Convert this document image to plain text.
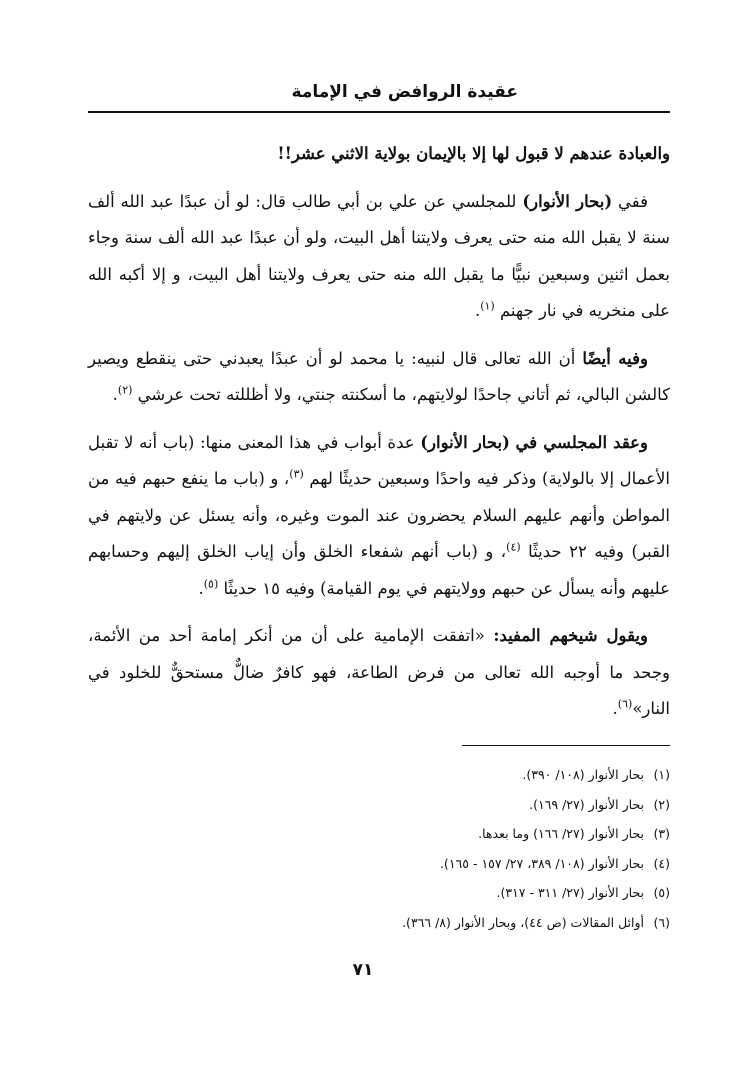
عقيدة الروافض في الإمامة

والعبادة عندهم لا قبول لها إلا بالإيمان بولاية الاثني عشر!!

ففي (بحار الأنوار) للمجلسي عن علي بن أبي طالب قال: لو أن عبدًا عبد الله ألف سنة لا يقبل الله منه حتى يعرف ولايتنا أهل البيت، ولو أن عبدًا عبد الله ألف سنة وجاء بعمل اثنين وسبعين نبيًّا ما يقبل الله منه حتى يعرف ولايتنا أهل البيت، و إلا أكبه الله على منخريه في نار جهنم $^{(١)}$.

وفيه أيضًا أن الله تعالى قال لنبيه: يا محمد لو أن عبدًا يعبدني حتى ينقطع ويصير كالشن البالي، ثم أتاني جاحدًا لولايتهم، ما أسكنته جنتي، ولا أظللته تحت عرشي $^{(٢)}$.

وعقد المجلسي في (بحار الأنوار) عدة أبواب في هذا المعنى منها: (باب أنه لا تقبل الأعمال إلا بالولاية) وذكر فيه واحدًا وسبعين حديثًا لهم $^{(٣)}$، و (باب ما ينفع حبهم فيه من المواطن وأنهم عليهم السلام يحضرون عند الموت وغيره، وأنه يسئل عن ولايتهم في القبر) وفيه ٢٢ حديثًا $^{(٤)}$، و (باب أنهم شفعاء الخلق وأن إياب الخلق إليهم وحسابهم عليهم وأنه يسأل عن حبهم وولايتهم في يوم القيامة) وفيه ١٥ حديثًا $^{(٥)}$.

ويقول شيخهم المفيد: «اتفقت الإمامية على أن من أنكر إمامة أحد من الأئمة، وجحد ما أوجبه الله تعالى من فرض الطاعة، فهو كافرٌ ضالٌّ مستحقٌّ للخلود في النار»$^{(٦)}$.

(١)بحار الأنوار (١٠٨/ ٣٩٠).
(٢)بحار الأنوار (٢٧/ ١٦٩).
(٣)بحار الأنوار (٢٧/ ١٦٦) وما بعدها.
(٤)بحار الأنوار (١٠٨/ ٣٨٩، ٢٧/ ١٥٧ - ١٦٥).
(٥)بحار الأنوار (٢٧/ ٣١١ - ٣١٧).
(٦)أوائل المقالات (ص ٤٤)، وبحار الأنوار (٨/ ٣٦٦).
٧١
